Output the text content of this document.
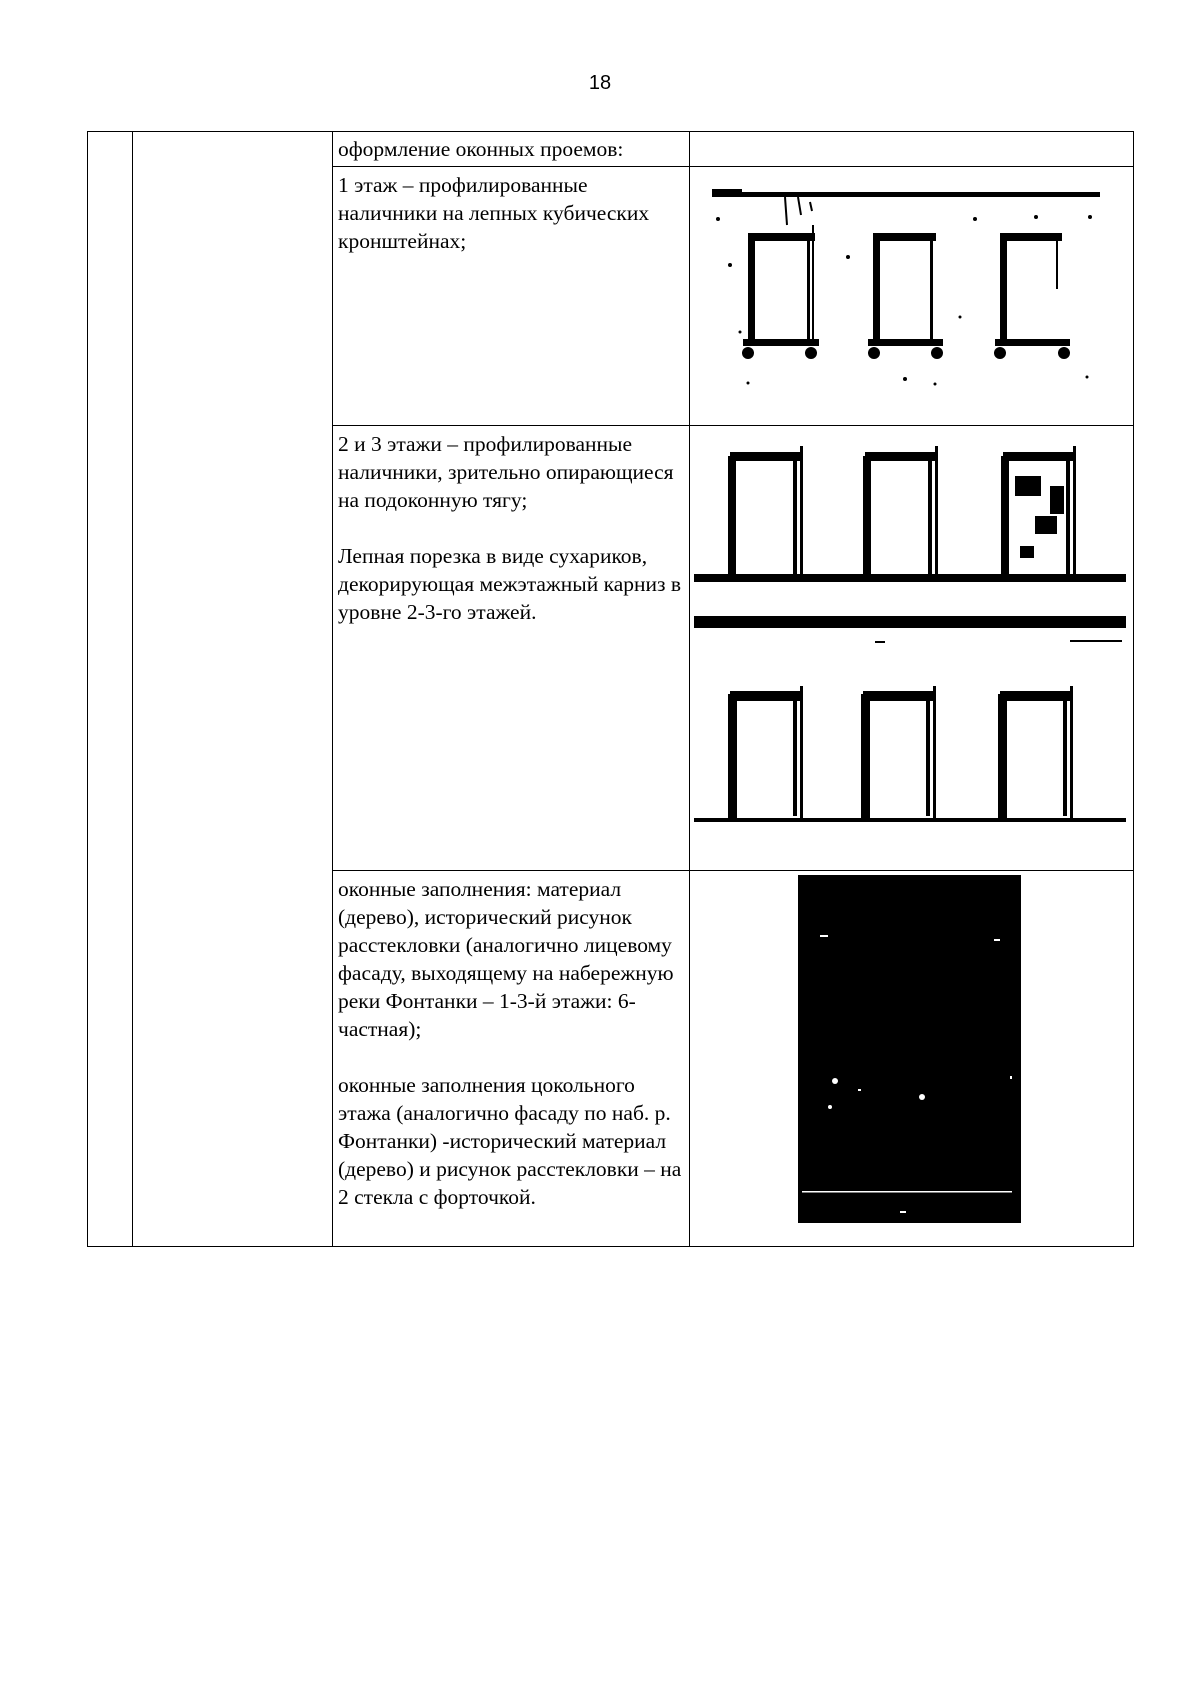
18

		оформление оконных проемов:	

		1 этаж – профилированные наличники на лепных кубических кронштейнах;

		2 и 3 этажи – профилированные наличники, зрительно опирающиеся на подоконную тягу;

Лепная порезка в виде сухариков, декорирующая межэтажный карниз в уровне 2-3-го этажей.

		оконные заполнения: материал (дерево), исторический рисунок расстекловки (аналогично лицевому фасаду, выходящему на набережную реки Фонтанки – 1-3-й этажи: 6-частная);

оконные заполнения цокольного этажа (аналогично фасаду по наб. р. Фонтанки) -исторический материал (дерево) и рисунок расстекловки – на 2 стекла с форточкой.
